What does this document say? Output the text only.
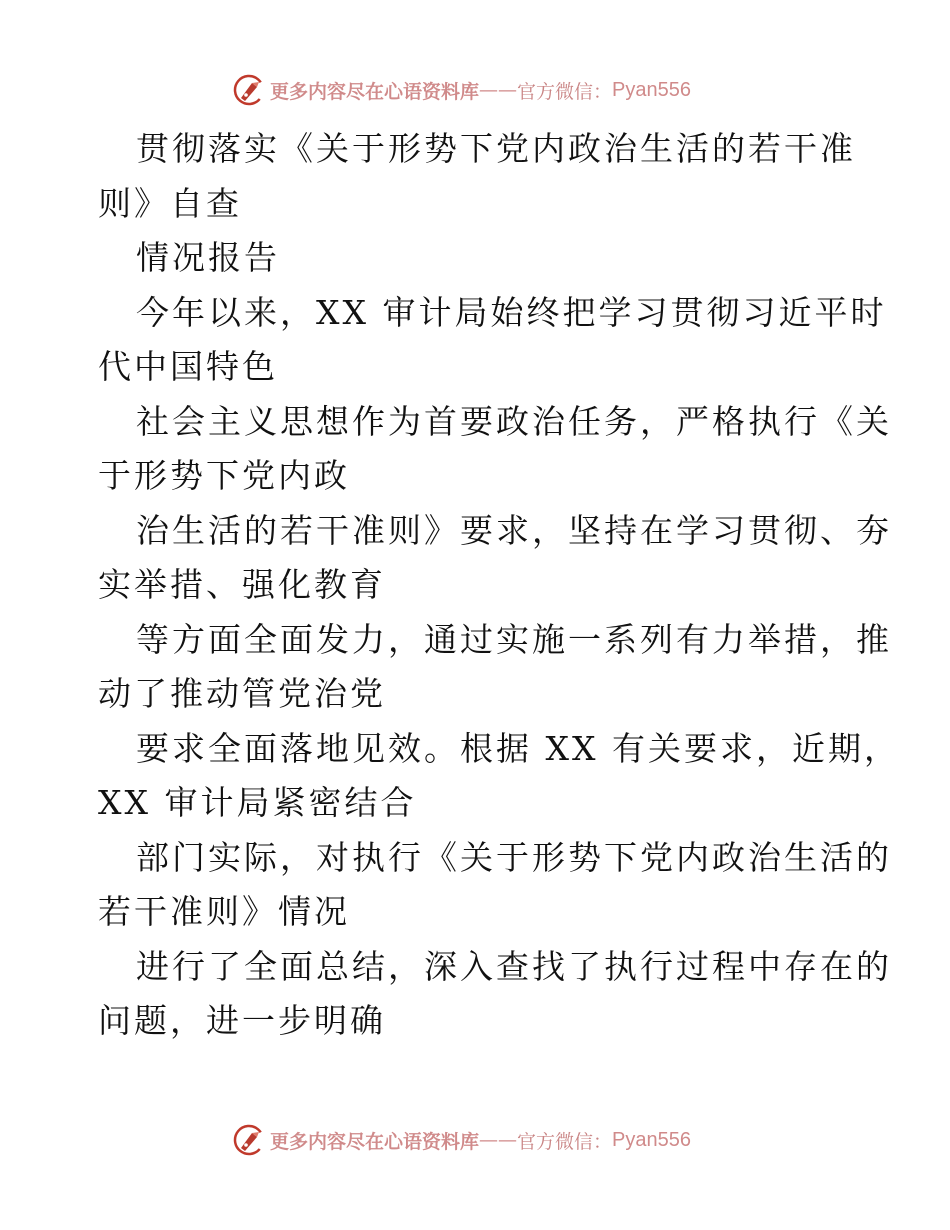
更多内容尽在心语资料库 —— 官方微信： Pyan556
贯彻落实《关于形势下党内政治生活的若干准
则》自查
情况报告
今年以来，XX 审计局始终把学习贯彻习近平时
代中国特色
社会主义思想作为首要政治任务，严格执行《关
于形势下党内政
治生活的若干准则》要求，坚持在学习贯彻、夯
实举措、强化教育
等方面全面发力，通过实施一系列有力举措，推
动了推动管党治党
要求全面落地见效。根据 XX 有关要求，近期，
XX 审计局紧密结合
部门实际，对执行《关于形势下党内政治生活的
若干准则》情况
进行了全面总结，深入查找了执行过程中存在的
问题，进一步明确
更多内容尽在心语资料库 —— 官方微信： Pyan556
